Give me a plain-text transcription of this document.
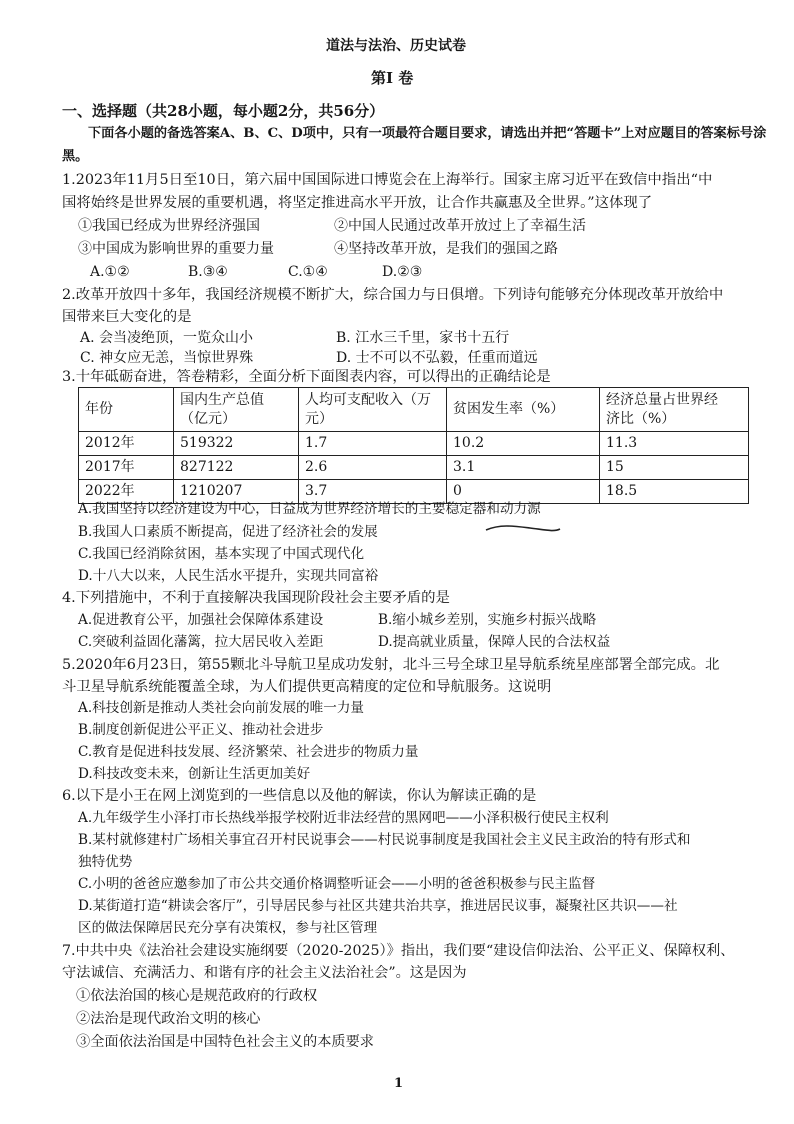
道法与法治、历史试卷
第Ⅰ 卷
一、选择题（共28小题，每小题2分，共56分）
下面各小题的备选答案A、B、C、D项中，只有一项最符合题目要求，请选出并把“答题卡”上对应题目的答案标号涂
黑。
1.2023年11月5日至10日，第六届中国国际进口博览会在上海举行。国家主席习近平在致信中指出“中
国将始终是世界发展的重要机遇，将坚定推进高水平开放，让合作共赢惠及全世界。”这体现了
①我国已经成为世界经济强国	②中国人民通过改革开放过上了幸福生活
③中国成为影响世界的重要力量	④坚持改革开放，是我们的强国之路
A.①②	B.③④	C.①④	D.②③
2.改革开放四十多年，我国经济规模不断扩大，综合国力与日俱增。下列诗句能够充分体现改革开放给中
国带来巨大变化的是
A. 会当凌绝顶，一览众山小	B. 江水三千里，家书十五行
C. 神女应无恙，当惊世界殊	D. 士不可以不弘毅，任重而道远
3.十年砥砺奋进，答卷精彩，全面分析下面图表内容，可以得出的正确结论是
年份	国内生产总值
（亿元）	人均可支配收入（万
元）	贫困发生率（%）	经济总量占世界经
济比（%）
2012年	519322	1.7	10.2	11.3
2017年	827122	2.6	3.1	15
2022年	1210207	3.7	0	18.5
A.我国坚持以经济建设为中心，日益成为世界经济增长的主要稳定器和动力源
B.我国人口素质不断提高，促进了经济社会的发展
C.我国已经消除贫困，基本实现了中国式现代化
D.十八大以来，人民生活水平提升，实现共同富裕
4.下列措施中，不利于直接解决我国现阶段社会主要矛盾的是
A.促进教育公平，加强社会保障体系建设	B.缩小城乡差别，实施乡村振兴战略
C.突破利益固化藩篱，拉大居民收入差距	D.提高就业质量，保障人民的合法权益
5.2020年6月23日，第55颗北斗导航卫星成功发射，北斗三号全球卫星导航系统星座部署全部完成。北
斗卫星导航系统能覆盖全球，为人们提供更高精度的定位和导航服务。这说明
A.科技创新是推动人类社会向前发展的唯一力量
B.制度创新促进公平正义、推动社会进步
C.教育是促进科技发展、经济繁荣、社会进步的物质力量
D.科技改变未来，创新让生活更加美好
6.以下是小王在网上浏览到的一些信息以及他的解读，你认为解读正确的是
A.九年级学生小泽打市长热线举报学校附近非法经营的黑网吧——小泽积极行使民主权利
B.某村就修建村广场相关事宜召开村民说事会——村民说事制度是我国社会主义民主政治的特有形式和
独特优势
C.小明的爸爸应邀参加了市公共交通价格调整听证会——小明的爸爸积极参与民主监督
D.某街道打造“耕读会客厅”，引导居民参与社区共建共治共享，推进居民议事，凝聚社区共识——社
区的做法保障居民充分享有决策权，参与社区管理
7.中共中央《法治社会建设实施纲要（2020-2025）》指出，我们要“建设信仰法治、公平正义、保障权利、
守法诚信、充满活力、和谐有序的社会主义法治社会”。这是因为
①依法治国的核心是规范政府的行政权
②法治是现代政治文明的核心
③全面依法治国是中国特色社会主义的本质要求
1
